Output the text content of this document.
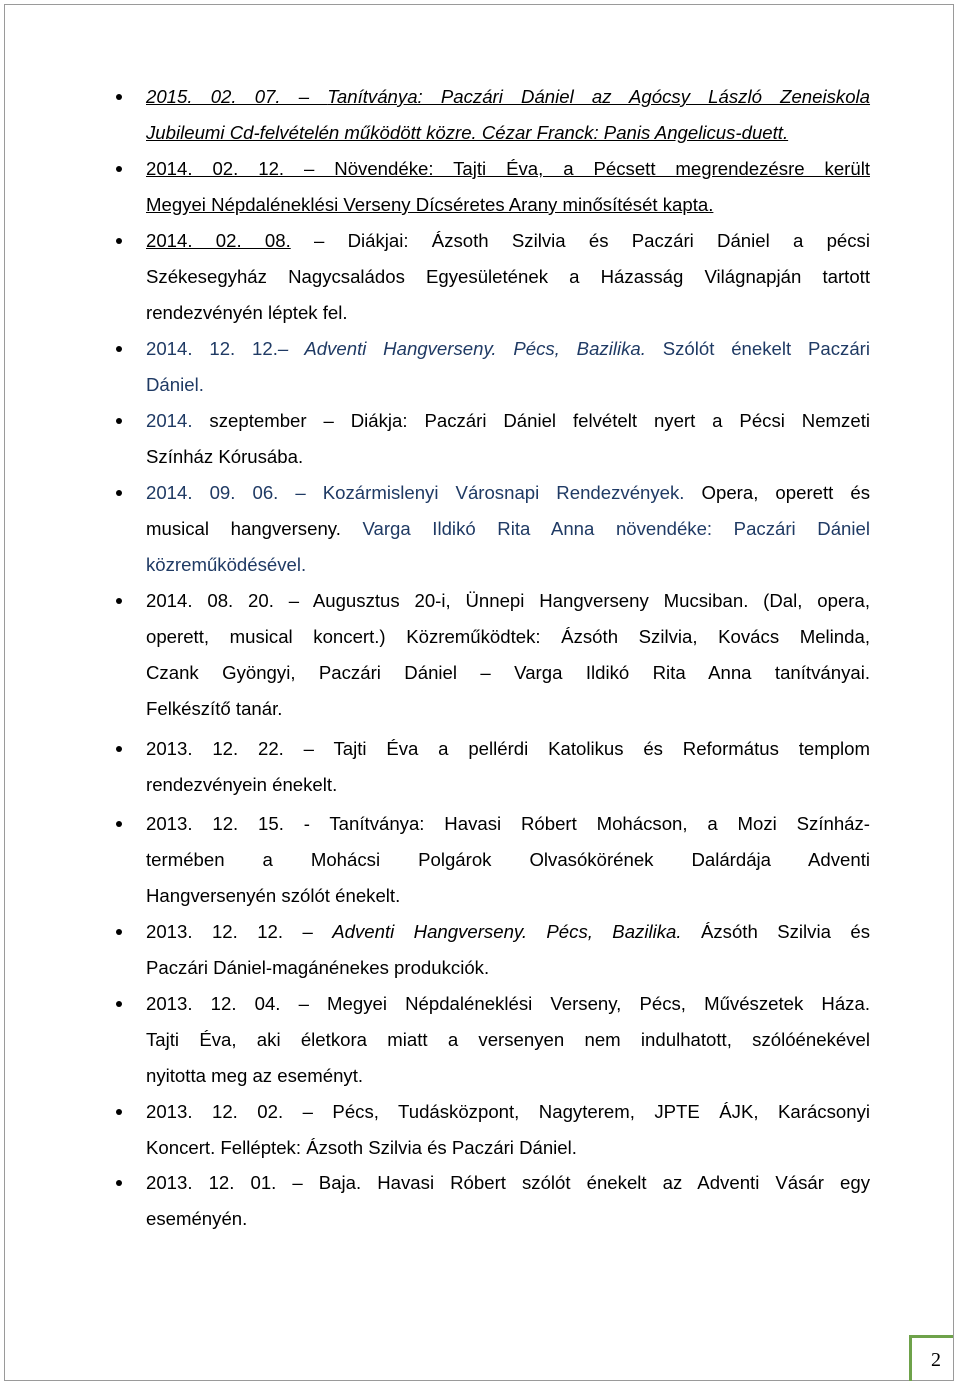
2015. 02. 07. – Tanítványa: Paczári Dániel az Agócsy László Zeneiskola
Jubileumi Cd-felvételén működött közre. Cézar Franck: Panis Angelicus-duett.
2014. 02. 12. – Növendéke: Tajti Éva, a Pécsett megrendezésre került
Megyei Népdaléneklési Verseny Dícséretes Arany minősítését kapta.
2014. 02. 08. – Diákjai: Ázsoth Szilvia és Paczári Dániel a pécsi
Székesegyház Nagycsaládos Egyesületének a Házasság Világnapján tartott
rendezvényén léptek fel.
2014. 12. 12.– Adventi Hangverseny. Pécs, Bazilika. Szólót énekelt Paczári
Dániel.
2014. szeptember – Diákja: Paczári Dániel felvételt nyert a Pécsi Nemzeti
Színház Kórusába.
2014. 09. 06. – Kozármislenyi Városnapi Rendezvények. Opera, operett és
musical hangverseny. Varga Ildikó Rita Anna növendéke: Paczári Dániel
közreműködésével.
2014. 08. 20. – Augusztus 20-i, Ünnepi Hangverseny Mucsiban. (Dal, opera,
operett, musical koncert.) Közreműködtek: Ázsóth Szilvia, Kovács Melinda,
Czank Gyöngyi, Paczári Dániel – Varga Ildikó Rita Anna tanítványai.
Felkészítő tanár.
2013. 12. 22. – Tajti Éva a pellérdi Katolikus és Református templom
rendezvényein énekelt.
2013. 12. 15. - Tanítványa: Havasi Róbert Mohácson, a Mozi Színház-
termében a Mohácsi Polgárok Olvasókörének Dalárdája Adventi
Hangversenyén szólót énekelt.
2013. 12. 12. – Adventi Hangverseny. Pécs, Bazilika. Ázsóth Szilvia és
Paczári Dániel-magánénekes produkciók.
2013. 12. 04. – Megyei Népdaléneklési Verseny, Pécs, Művészetek Háza.
Tajti Éva, aki életkora miatt a versenyen nem indulhatott, szólóénekével
nyitotta meg az eseményt.
2013. 12. 02. – Pécs, Tudásközpont, Nagyterem, JPTE ÁJK, Karácsonyi
Koncert. Felléptek: Ázsoth Szilvia és Paczári Dániel.
2013. 12. 01. – Baja. Havasi Róbert szólót énekelt az Adventi Vásár egy
eseményén.
2
